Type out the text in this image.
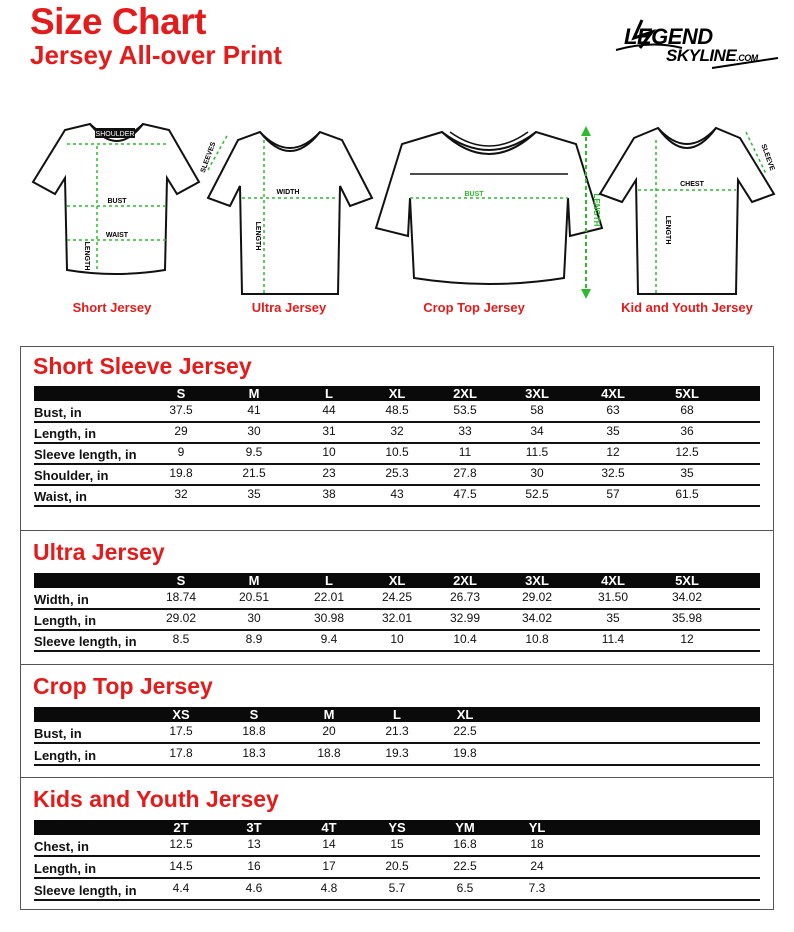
Size Chart
Jersey All-over Print
LEGEND
SKYLINE.COM
SHOULDER
BUST
WAIST
LENGTH
Short Jersey
WIDTH
LENGTH
SLEEVES
Ultra Jersey
BUST	LENGTH
Crop Top Jersey
CHEST
LENGTH
SLEEVE
Kid and Youth Jersey
Short Sleeve Jersey
S	M	L	XL	2XL	3XL	4XL	5XL
Bust, in	37.5	41	44	48.5	53.5	58	63	68
Length, in	29	30	31	32	33	34	35	36
Sleeve length, in	9	9.5	10	10.5	11	11.5	12	12.5
Shoulder, in	19.8	21.5	23	25.3	27.8	30	32.5	35
Waist, in	32	35	38	43	47.5	52.5	57	61.5
Ultra Jersey
S	M	L	XL	2XL	3XL	4XL	5XL
Width, in	18.74	20.51	22.01	24.25	26.73	29.02	31.50	34.02
Length, in	29.02	30	30.98	32.01	32.99	34.02	35	35.98
Sleeve length, in	8.5	8.9	9.4	10	10.4	10.8	11.4	12
Crop Top Jersey
XS	S	M	L	XL
Bust, in	17.5	18.8	20	21.3	22.5
Length, in	17.8	18.3	18.8	19.3	19.8
Kids and Youth Jersey
2T	3T	4T	YS	YM	YL
Chest, in	12.5	13	14	15	16.8	18
Length, in	14.5	16	17	20.5	22.5	24
Sleeve length, in	4.4	4.6	4.8	5.7	6.5	7.3
